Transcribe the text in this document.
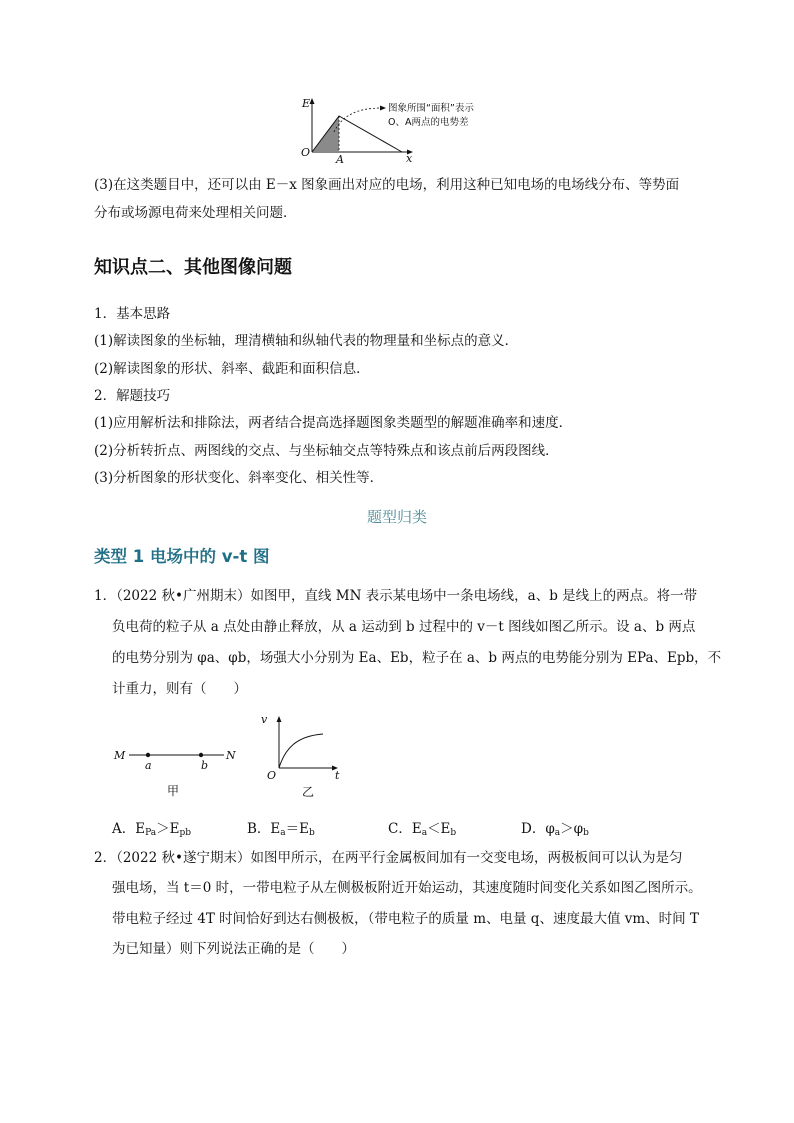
E
O
A	x
图象所围“面积”表示
O、A两点的电势差
(3)在这类题目中，还可以由 E－x 图象画出对应的电场，利用这种已知电场的电场线分布、等势面
分布或场源电荷来处理相关问题．
知识点二、其他图像问题
1．基本思路
(1)解读图象的坐标轴，理清横轴和纵轴代表的物理量和坐标点的意义．
(2)解读图象的形状、斜率、截距和面积信息．
2．解题技巧
(1)应用解析法和排除法，两者结合提高选择题图象类题型的解题准确率和速度．
(2)分析转折点、两图线的交点、与坐标轴交点等特殊点和该点前后两段图线．
(3)分析图象的形状变化、斜率变化、相关性等．
题型归类
类型 1 电场中的 v-t 图
1．（2022 秋•广州期末）如图甲，直线 MN 表示某电场中一条电场线，a、b 是线上的两点。将一带
负电荷的粒子从 a 点处由静止释放，从 a 运动到 b 过程中的 v－t 图线如图乙所示。设 a、b 两点
的电势分别为 φa、φb，场强大小分别为 Ea、Eb，粒子在 a、b 两点的电势能分别为 EPa、Epb，不
计重力，则有（　　）
M	N
a	b
甲
v
O	t
乙
A．$E_{Pa}>E_{pb}$	B．$E_a=E_b$	C．$E_a<E_b$	D．$\varphi_a>\varphi_b$
2．（2022 秋•遂宁期末）如图甲所示，在两平行金属板间加有一交变电场，两极板间可以认为是匀
强电场，当 t＝0 时，一带电粒子从左侧极板附近开始运动，其速度随时间变化关系如图乙图所示。
带电粒子经过 4T 时间恰好到达右侧极板，（带电粒子的质量 m、电量 q、速度最大值 vm、时间 T
为已知量）则下列说法正确的是（　　）
